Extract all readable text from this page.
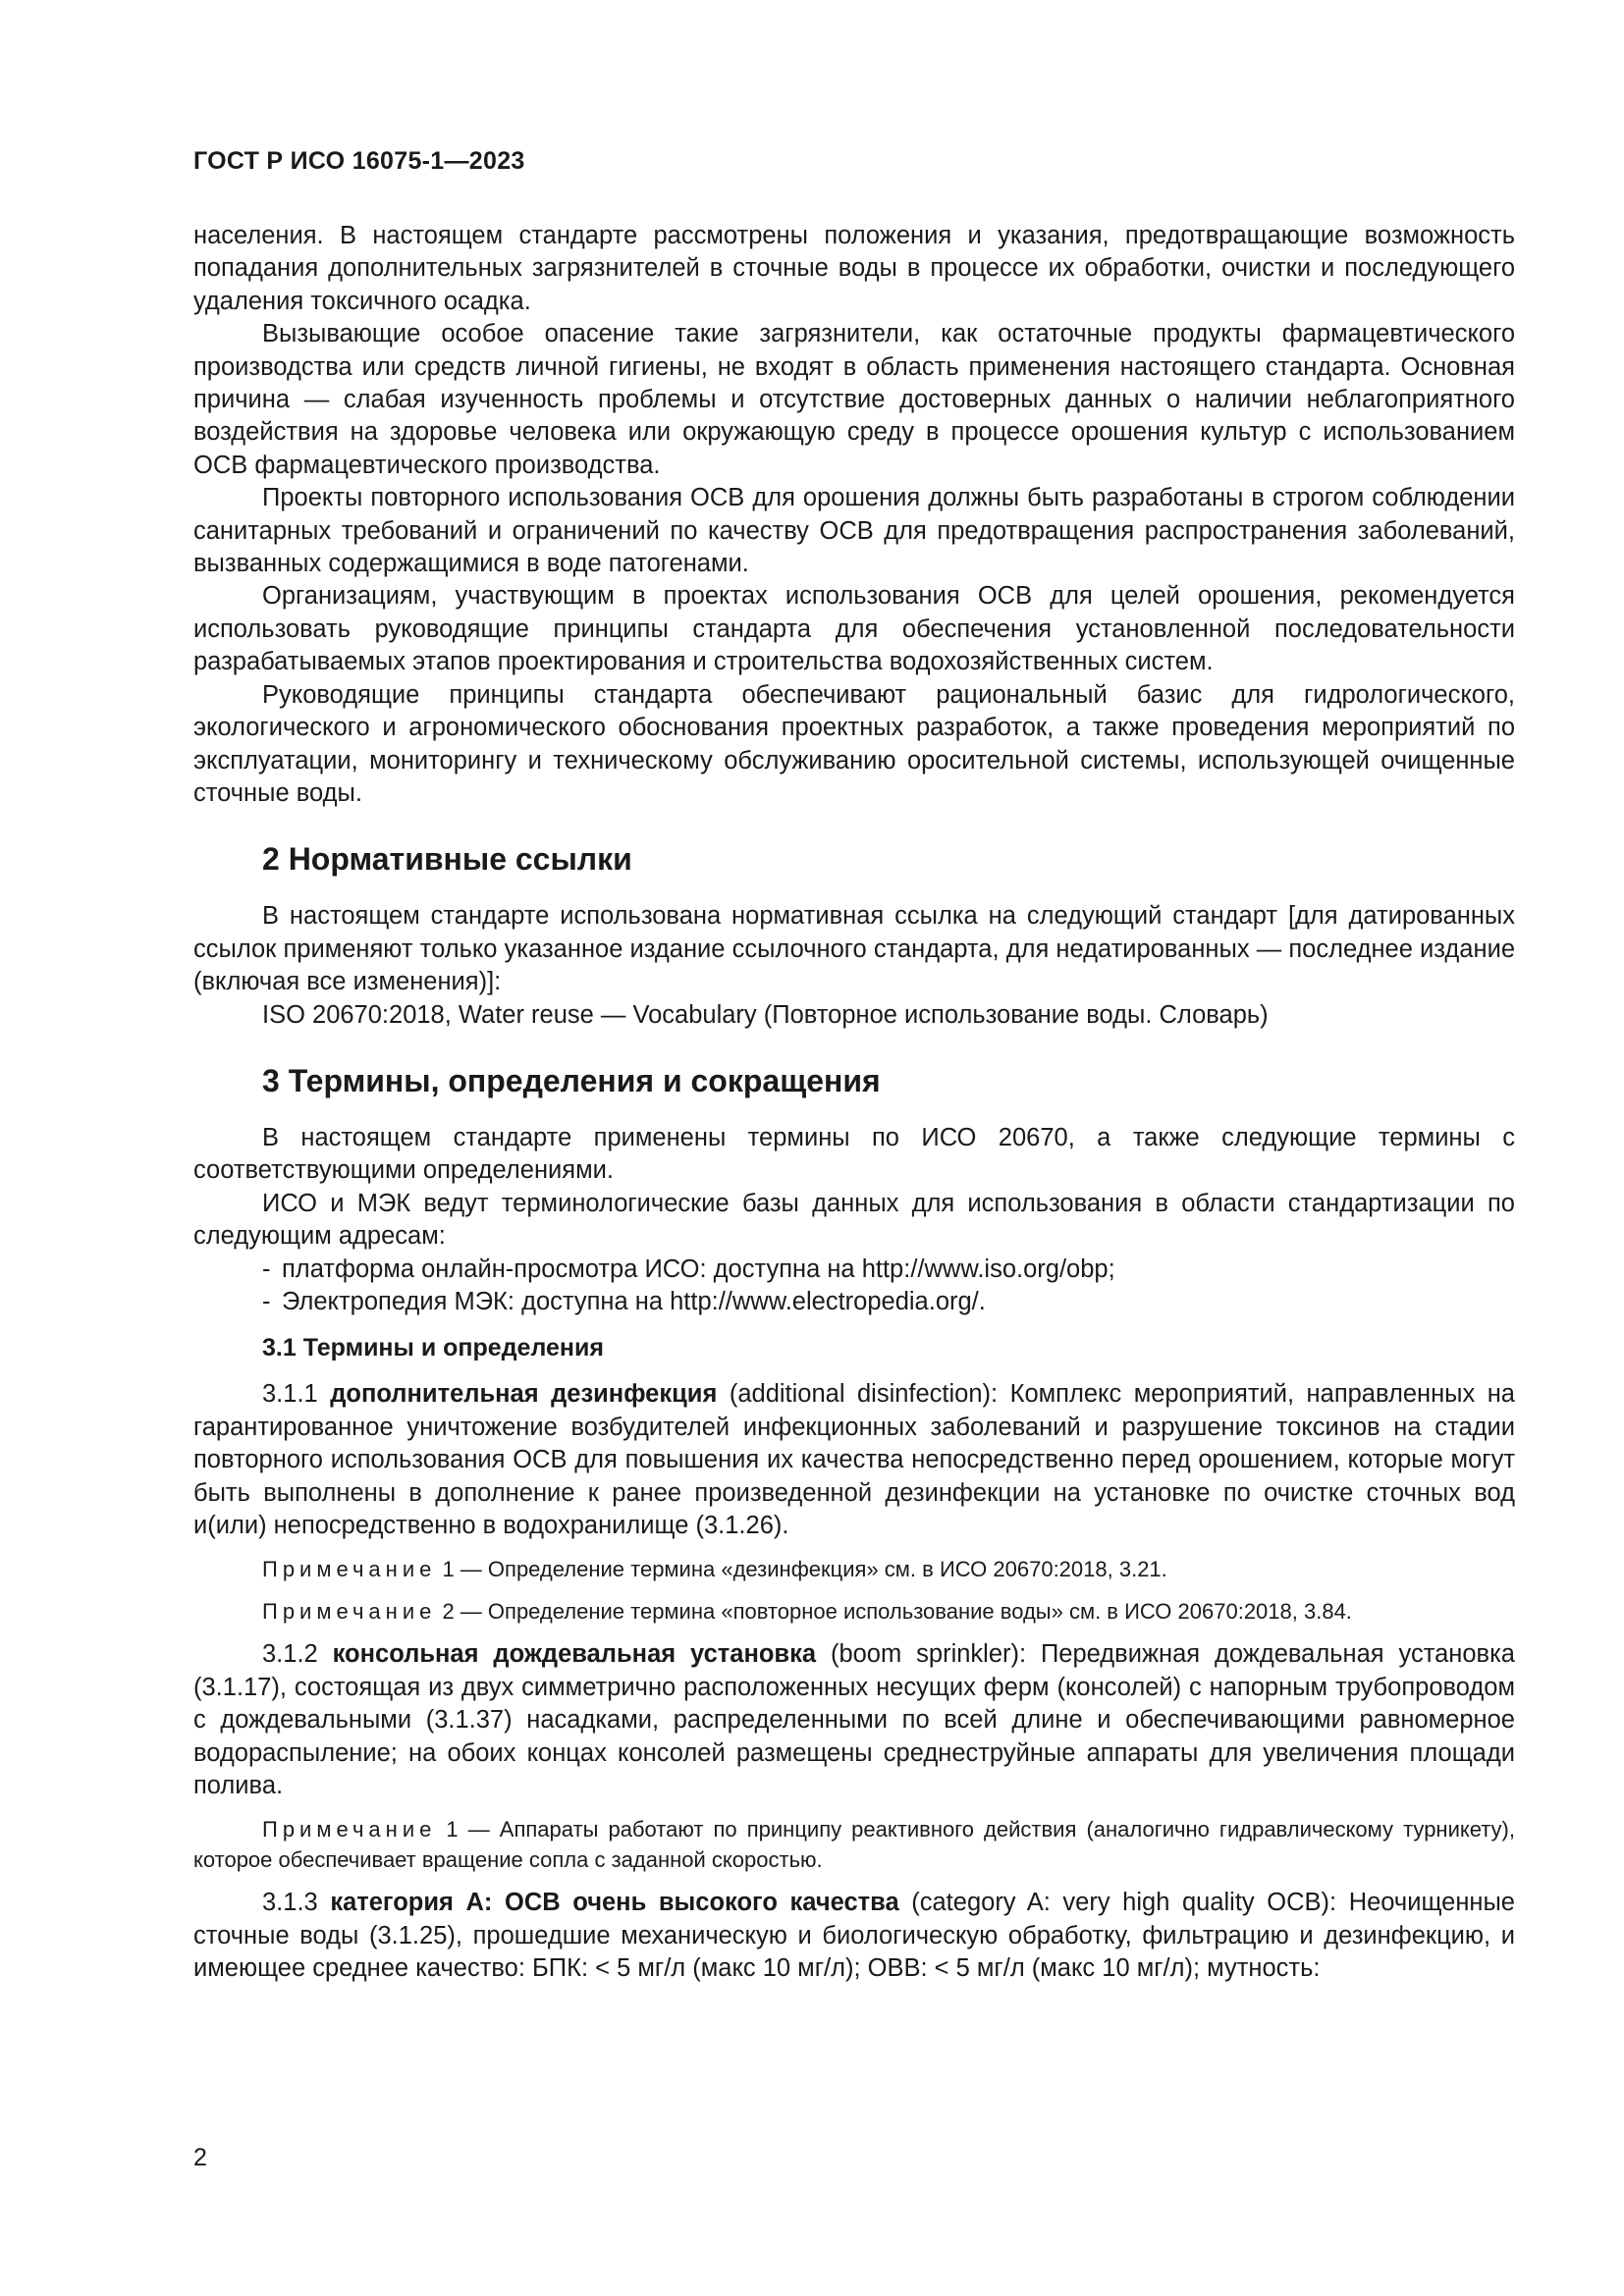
ГОСТ Р ИСО 16075-1—2023

населения. В настоящем стандарте рассмотрены положения и указания, предотвращающие возможность попадания дополнительных загрязнителей в сточные воды в процессе их обработки, очистки и последующего удаления токсичного осадка.

Вызывающие особое опасение такие загрязнители, как остаточные продукты фармацевтического производства или средств личной гигиены, не входят в область применения настоящего стандарта. Основная причина — слабая изученность проблемы и отсутствие достоверных данных о наличии неблагоприятного воздействия на здоровье человека или окружающую среду в процессе орошения культур с использованием ОСВ фармацевтического производства.

Проекты повторного использования ОСВ для орошения должны быть разработаны в строгом соблюдении санитарных требований и ограничений по качеству ОСВ для предотвращения распространения заболеваний, вызванных содержащимися в воде патогенами.

Организациям, участвующим в проектах использования ОСВ для целей орошения, рекомендуется использовать руководящие принципы стандарта для обеспечения установленной последовательности разрабатываемых этапов проектирования и строительства водохозяйственных систем.

Руководящие принципы стандарта обеспечивают рациональный базис для гидрологического, экологического и агрономического обоснования проектных разработок, а также проведения мероприятий по эксплуатации, мониторингу и техническому обслуживанию оросительной системы, использующей очищенные сточные воды.

2 Нормативные ссылки

В настоящем стандарте использована нормативная ссылка на следующий стандарт [для датированных ссылок применяют только указанное издание ссылочного стандарта, для недатированных — последнее издание (включая все изменения)]:

ISO 20670:2018, Water reuse — Vocabulary (Повторное использование воды. Словарь)

3 Термины, определения и сокращения

В настоящем стандарте применены термины по ИСО 20670, а также следующие термины с соответствующими определениями.

ИСО и МЭК ведут терминологические базы данных для использования в области стандартизации по следующим адресам:

- платформа онлайн-просмотра ИСО: доступна на http://www.iso.org/obp;
- Электропедия МЭК: доступна на http://www.electropedia.org/.
3.1 Термины и определения

3.1.1 дополнительная дезинфекция (additional disinfection): Комплекс мероприятий, направленных на гарантированное уничтожение возбудителей инфекционных заболеваний и разрушение токсинов на стадии повторного использования ОСВ для повышения их качества непосредственно перед орошением, которые могут быть выполнены в дополнение к ранее произведенной дезинфекции на установке по очистке сточных вод и(или) непосредственно в водохранилище (3.1.26).

Примечание 1 — Определение термина «дезинфекция» см. в ИСО 20670:2018, 3.21.

Примечание 2 — Определение термина «повторное использование воды» см. в ИСО 20670:2018, 3.84.

3.1.2 консольная дождевальная установка (boom sprinkler): Передвижная дождевальная установка (3.1.17), состоящая из двух симметрично расположенных несущих ферм (консолей) с напорным трубопроводом с дождевальными (3.1.37) насадками, распределенными по всей длине и обеспечивающими равномерное водораспыление; на обоих концах консолей размещены среднеструйные аппараты для увеличения площади полива.

Примечание 1 — Аппараты работают по принципу реактивного действия (аналогично гидравлическому турникету), которое обеспечивает вращение сопла с заданной скоростью.

3.1.3 категория А: ОСВ очень высокого качества (category A: very high quality OCB): Неочищенные сточные воды (3.1.25), прошедшие механическую и биологическую обработку, фильтрацию и дезинфекцию, и имеющее среднее качество: БПК: < 5 мг/л (макс 10 мг/л); ОВВ: < 5 мг/л (макс 10 мг/л); мутность:

2
